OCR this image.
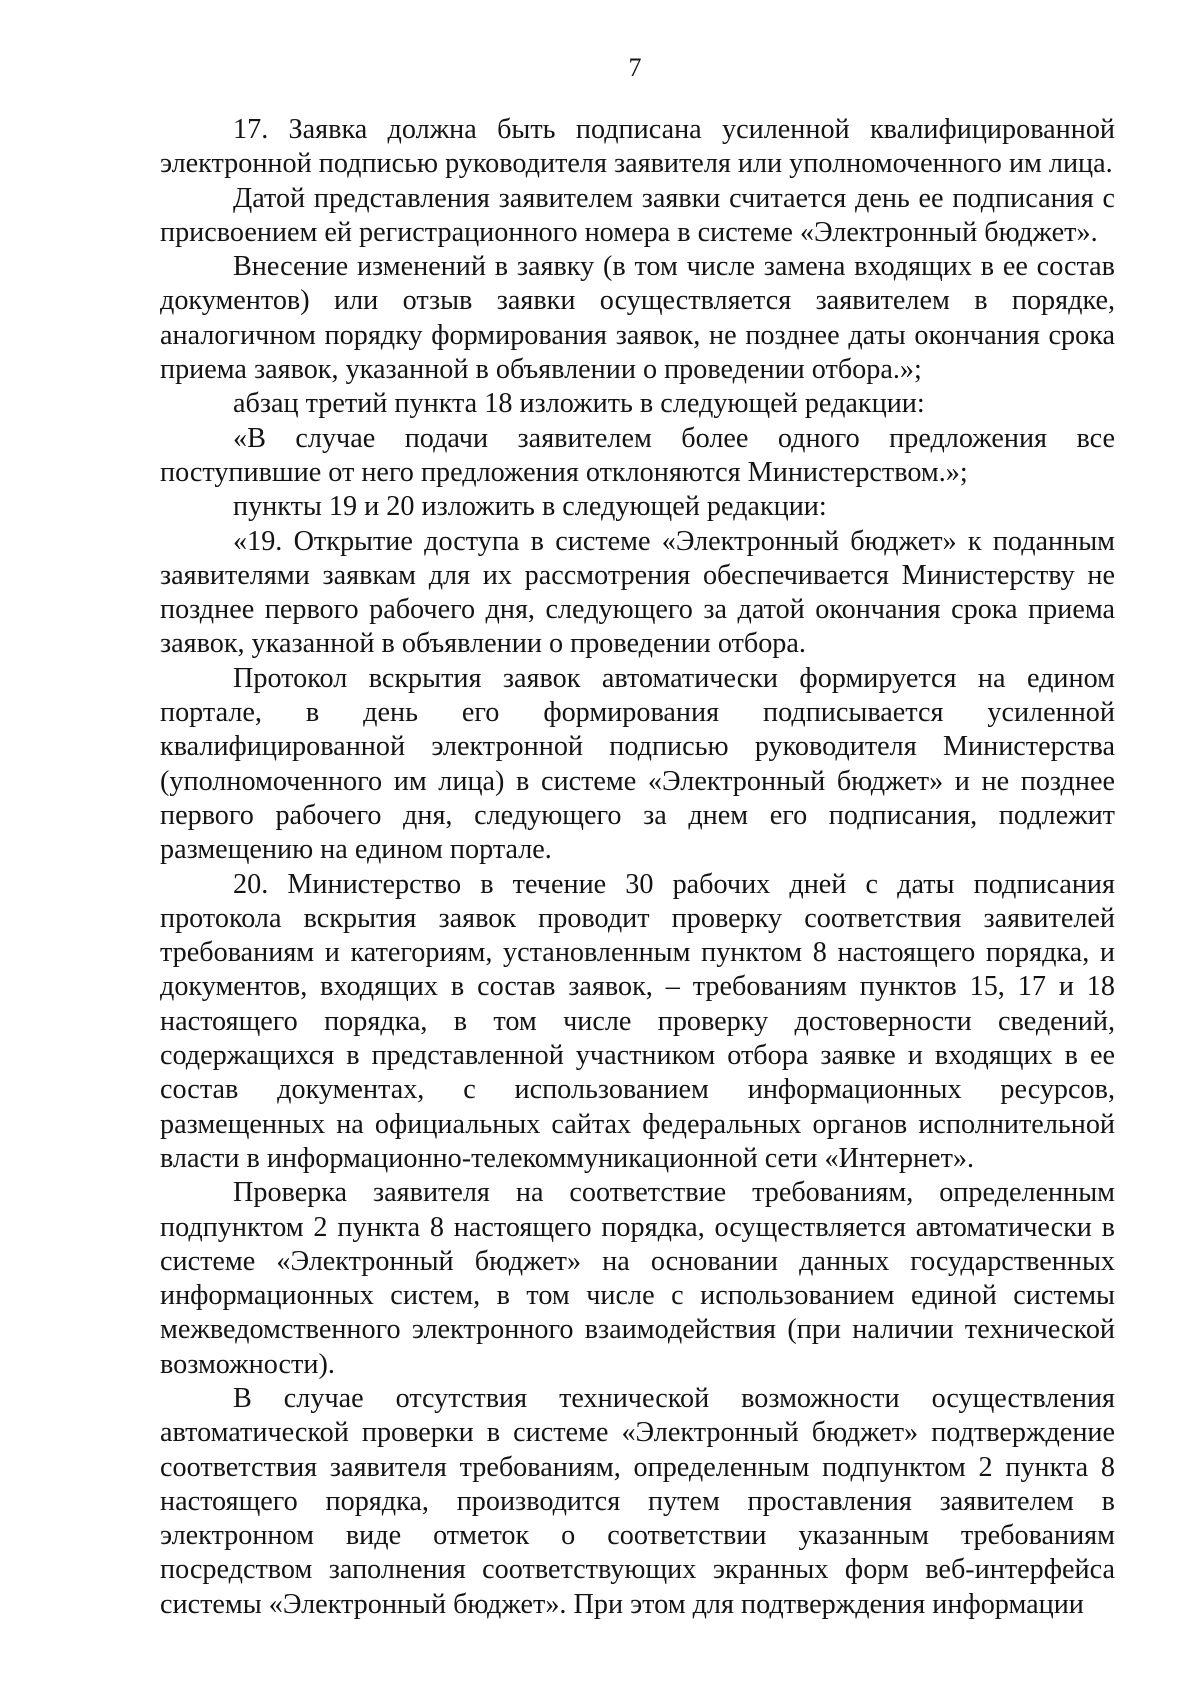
7

17. Заявка должна быть подписана усиленной квалифицированной электронной подписью руководителя заявителя или уполномоченного им лица.

Датой представления заявителем заявки считается день ее подписания с присвоением ей регистрационного номера в системе «Электронный бюджет».

Внесение изменений в заявку (в том числе замена входящих в ее состав документов) или отзыв заявки осуществляется заявителем в порядке, аналогичном порядку формирования заявок, не позднее даты окончания срока приема заявок, указанной в объявлении о проведении отбора.»;

абзац третий пункта 18 изложить в следующей редакции:

«В случае подачи заявителем более одного предложения все поступившие от него предложения отклоняются Министерством.»;

пункты 19 и 20 изложить в следующей редакции:

«19. Открытие доступа в системе «Электронный бюджет» к поданным заявителями заявкам для их рассмотрения обеспечивается Министерству не позднее первого рабочего дня, следующего за датой окончания срока приема заявок, указанной в объявлении о проведении отбора.

Протокол вскрытия заявок автоматически формируется на едином портале, в день его формирования подписывается усиленной квалифицированной электронной подписью руководителя Министерства (уполномоченного им лица) в системе «Электронный бюджет» и не позднее первого рабочего дня, следующего за днем его подписания, подлежит размещению на едином портале.

20. Министерство в течение 30 рабочих дней с даты подписания протокола вскрытия заявок проводит проверку соответствия заявителей требованиям и категориям, установленным пунктом 8 настоящего порядка, и документов, входящих в состав заявок, – требованиям пунктов 15, 17 и 18 настоящего порядка, в том числе проверку достоверности сведений, содержащихся в представленной участником отбора заявке и входящих в ее состав документах, с использованием информационных ресурсов, размещенных на официальных сайтах федеральных органов исполнительной власти в информационно-телекоммуникационной сети «Интернет».

Проверка заявителя на соответствие требованиям, определенным подпунктом 2 пункта 8 настоящего порядка, осуществляется автоматически в системе «Электронный бюджет» на основании данных государственных информационных систем, в том числе с использованием единой системы межведомственного электронного взаимодействия (при наличии технической возможности).

В случае отсутствия технической возможности осуществления автоматической проверки в системе «Электронный бюджет» подтверждение соответствия заявителя требованиям, определенным подпунктом 2 пункта 8 настоящего порядка, производится путем проставления заявителем в электронном виде отметок о соответствии указанным требованиям посредством заполнения соответствующих экранных форм веб-интерфейса системы «Электронный бюджет». При этом для подтверждения информации
